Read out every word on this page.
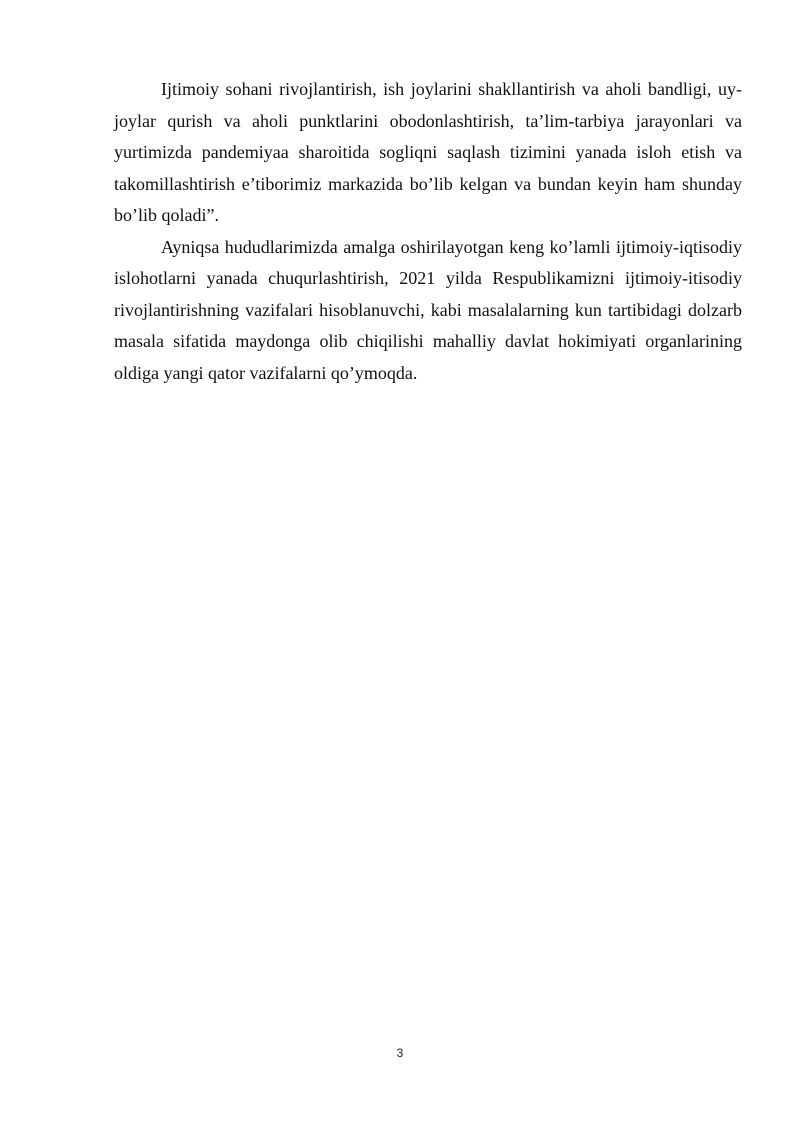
Ijtimoiy sohani rivojlantirish, ish joylarini shakllantirish va aholi bandligi, uy-joylar qurish va aholi punktlarini obodonlashtirish, ta’lim-tarbiya jarayonlari va yurtimizda pandemiyaa sharoitida sogliqni saqlash tizimini yanada isloh etish va takomillashtirish e’tiborimiz markazida bo’lib kelgan va bundan keyin ham shunday bo’lib qoladi”.

Ayniqsa hududlarimizda amalga oshirilayotgan keng ko’lamli ijtimoiy-iqtisodiy islohotlarni yanada chuqurlashtirish, 2021 yilda Respublikamizni ijtimoiy-itisodiy rivojlantirishning vazifalari hisoblanuvchi, kabi masalalarning kun tartibidagi dolzarb masala sifatida maydonga olib chiqilishi mahalliy davlat hokimiyati organlarining oldiga yangi qator vazifalarni qo’ymoqda.

3
